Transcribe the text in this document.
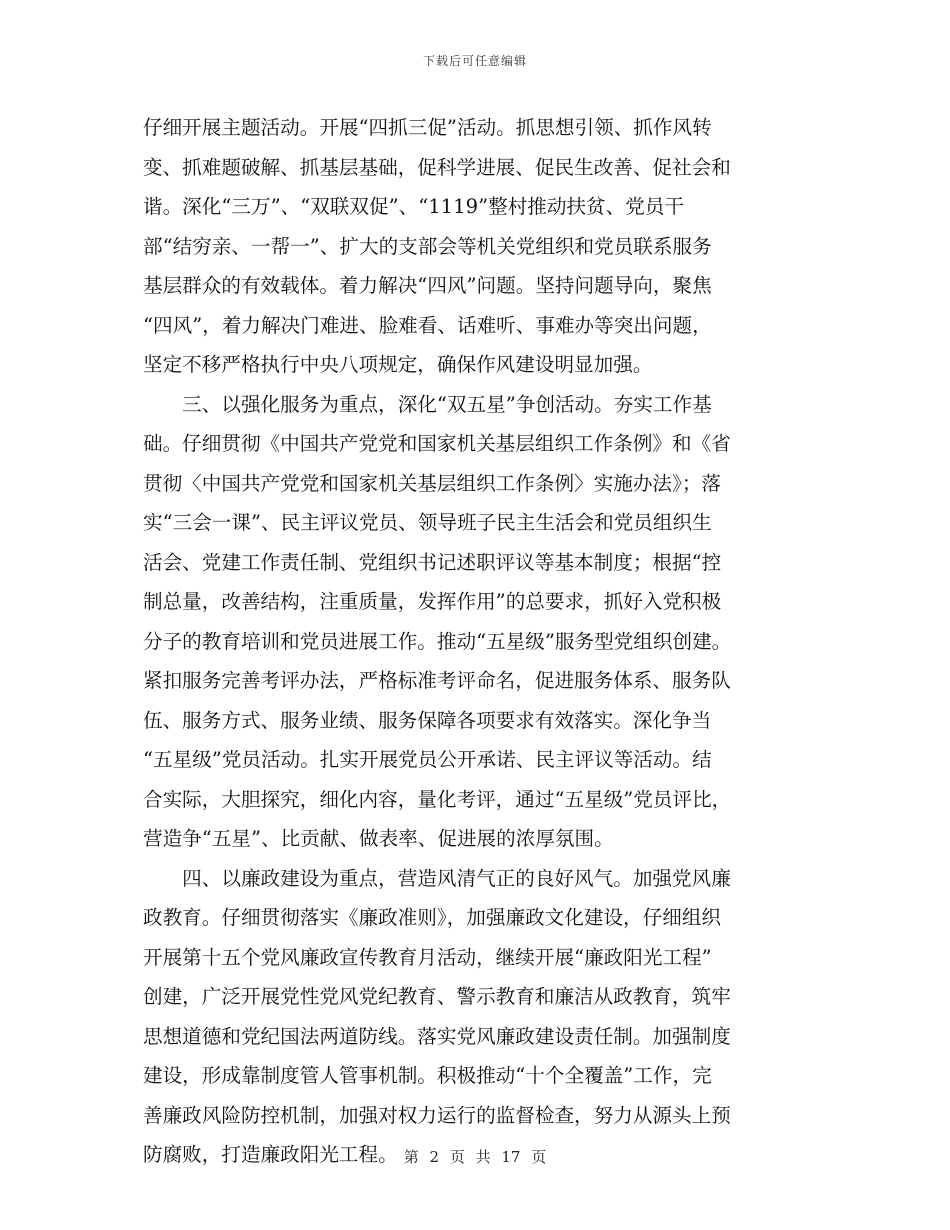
下载后可任意编辑
仔细开展主题活动。开展“四抓三促”活动。抓思想引领、抓作风转
变、抓难题破解、抓基层基础，促科学进展、促民生改善、促社会和
谐。深化“三万”、“双联双促”、“1119”整村推动扶贫、党员干
部“结穷亲、一帮一”、扩大的支部会等机关党组织和党员联系服务
基层群众的有效载体。着力解决“四风”问题。坚持问题导向，聚焦
“四风”，着力解决门难进、脸难看、话难听、事难办等突出问题，
坚定不移严格执行中央八项规定，确保作风建设明显加强。
　　三、以强化服务为重点，深化“双五星”争创活动。夯实工作基
础。仔细贯彻《中国共产党党和国家机关基层组织工作条例》和《省
贯彻〈中国共产党党和国家机关基层组织工作条例〉实施办法》；落
实“三会一课”、民主评议党员、领导班子民主生活会和党员组织生
活会、党建工作责任制、党组织书记述职评议等基本制度；根据“控
制总量，改善结构，注重质量，发挥作用”的总要求，抓好入党积极
分子的教育培训和党员进展工作。推动“五星级”服务型党组织创建。
紧扣服务完善考评办法，严格标准考评命名，促进服务体系、服务队
伍、服务方式、服务业绩、服务保障各项要求有效落实。深化争当
“五星级”党员活动。扎实开展党员公开承诺、民主评议等活动。结
合实际，大胆探究，细化内容，量化考评，通过“五星级”党员评比，
营造争“五星”、比贡献、做表率、促进展的浓厚氛围。
　　四、以廉政建设为重点，营造风清气正的良好风气。加强党风廉
政教育。仔细贯彻落实《廉政准则》，加强廉政文化建设，仔细组织
开展第十五个党风廉政宣传教育月活动，继续开展“廉政阳光工程”
创建，广泛开展党性党风党纪教育、警示教育和廉洁从政教育，筑牢
思想道德和党纪国法两道防线。落实党风廉政建设责任制。加强制度
建设，形成靠制度管人管事机制。积极推动“十个全覆盖”工作，完
善廉政风险防控机制，加强对权力运行的监督检查，努力从源头上预
防腐败，打造廉政阳光工程。 第 2 页 共 17 页
